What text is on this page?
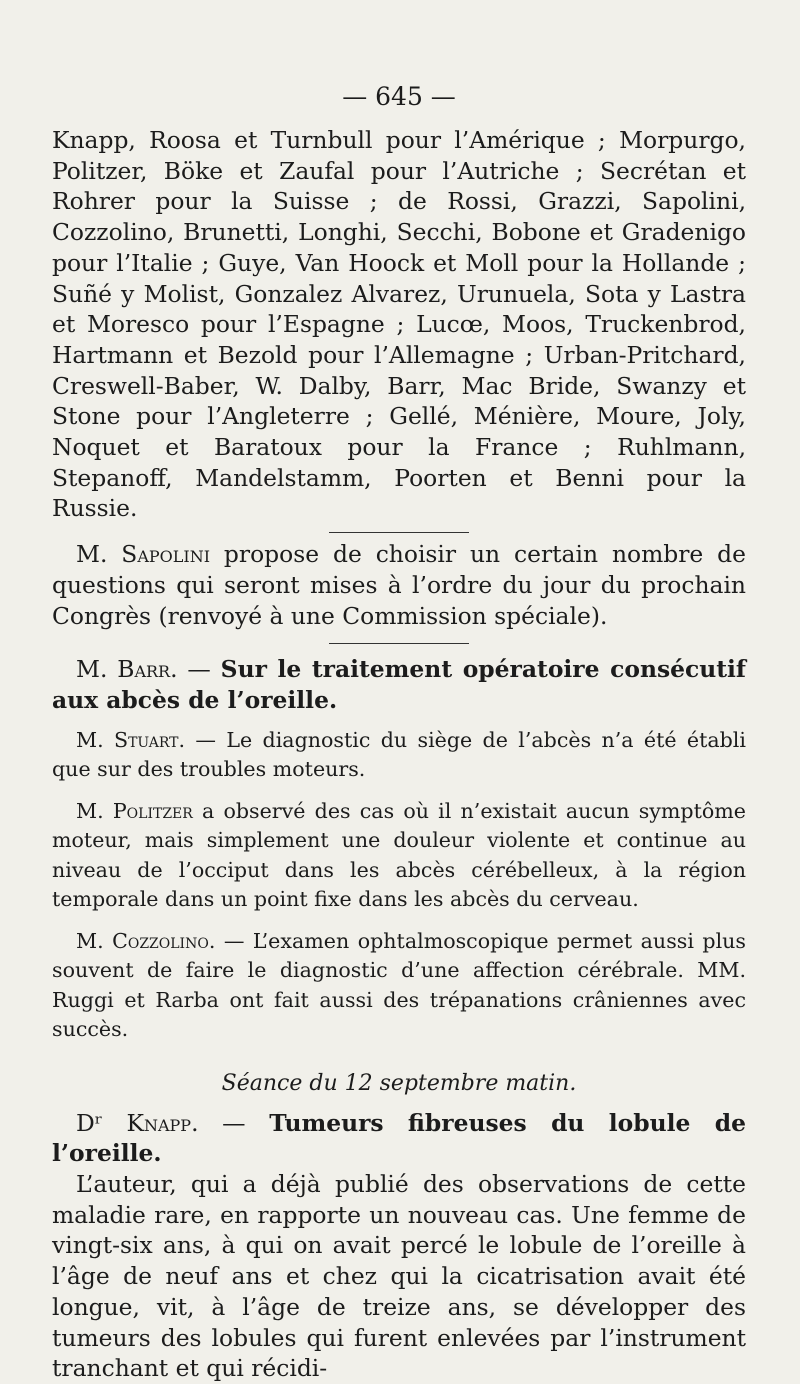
— 645 —

Knapp, Roosa et Turnbull pour l’Amérique ; Morpurgo, Politzer, Böke et Zaufal pour l’Autriche ; Secrétan et Rohrer pour la Suisse ; de Rossi, Grazzi, Sapolini, Cozzolino, Brunetti, Longhi, Secchi, Bobone et Gradenigo pour l’Italie ; Guye, Van Hoock et Moll pour la Hollande ; Suñé y Molist, Gonzalez Alvarez, Urunuela, Sota y Lastra et Moresco pour l’Espagne ; Lucœ, Moos, Truckenbrod, Hartmann et Bezold pour l’Allemagne ; Urban-Pritchard, Creswell-Baber, W. Dalby, Barr, Mac Bride, Swanzy et Stone pour l’Angleterre ; Gellé, Ménière, Moure, Joly, Noquet et Baratoux pour la France ; Ruhlmann, Stepanoff, Mandelstamm, Poorten et Benni pour la Russie.

M. Sapolini propose de choisir un certain nombre de questions qui seront mises à l’ordre du jour du prochain Congrès (renvoyé à une Commission spéciale).

M. Barr. — Sur le traitement opératoire consécutif aux abcès de l’oreille.

M. Stuart. — Le diagnostic du siège de l’abcès n’a été établi que sur des troubles moteurs.

M. Politzer a observé des cas où il n’existait aucun symptôme moteur, mais simplement une douleur violente et continue au niveau de l’occiput dans les abcès cérébelleux, à la région temporale dans un point fixe dans les abcès du cerveau.

M. Cozzolino. — L’examen ophtalmoscopique permet aussi plus souvent de faire le diagnostic d’une affection cérébrale. MM. Ruggi et Rarba ont fait aussi des trépanations crâniennes avec succès.

Séance du 12 septembre matin.

Dʳ Knapp. — Tumeurs fibreuses du lobule de l’oreille.

L’auteur, qui a déjà publié des observations de cette maladie rare, en rapporte un nouveau cas. Une femme de vingt-six ans, à qui on avait percé le lobule de l’oreille à l’âge de neuf ans et chez qui la cicatrisation avait été longue, vit, à l’âge de treize ans, se développer des tumeurs des lobules qui furent enlevées par l’instrument tranchant et qui récidi-
